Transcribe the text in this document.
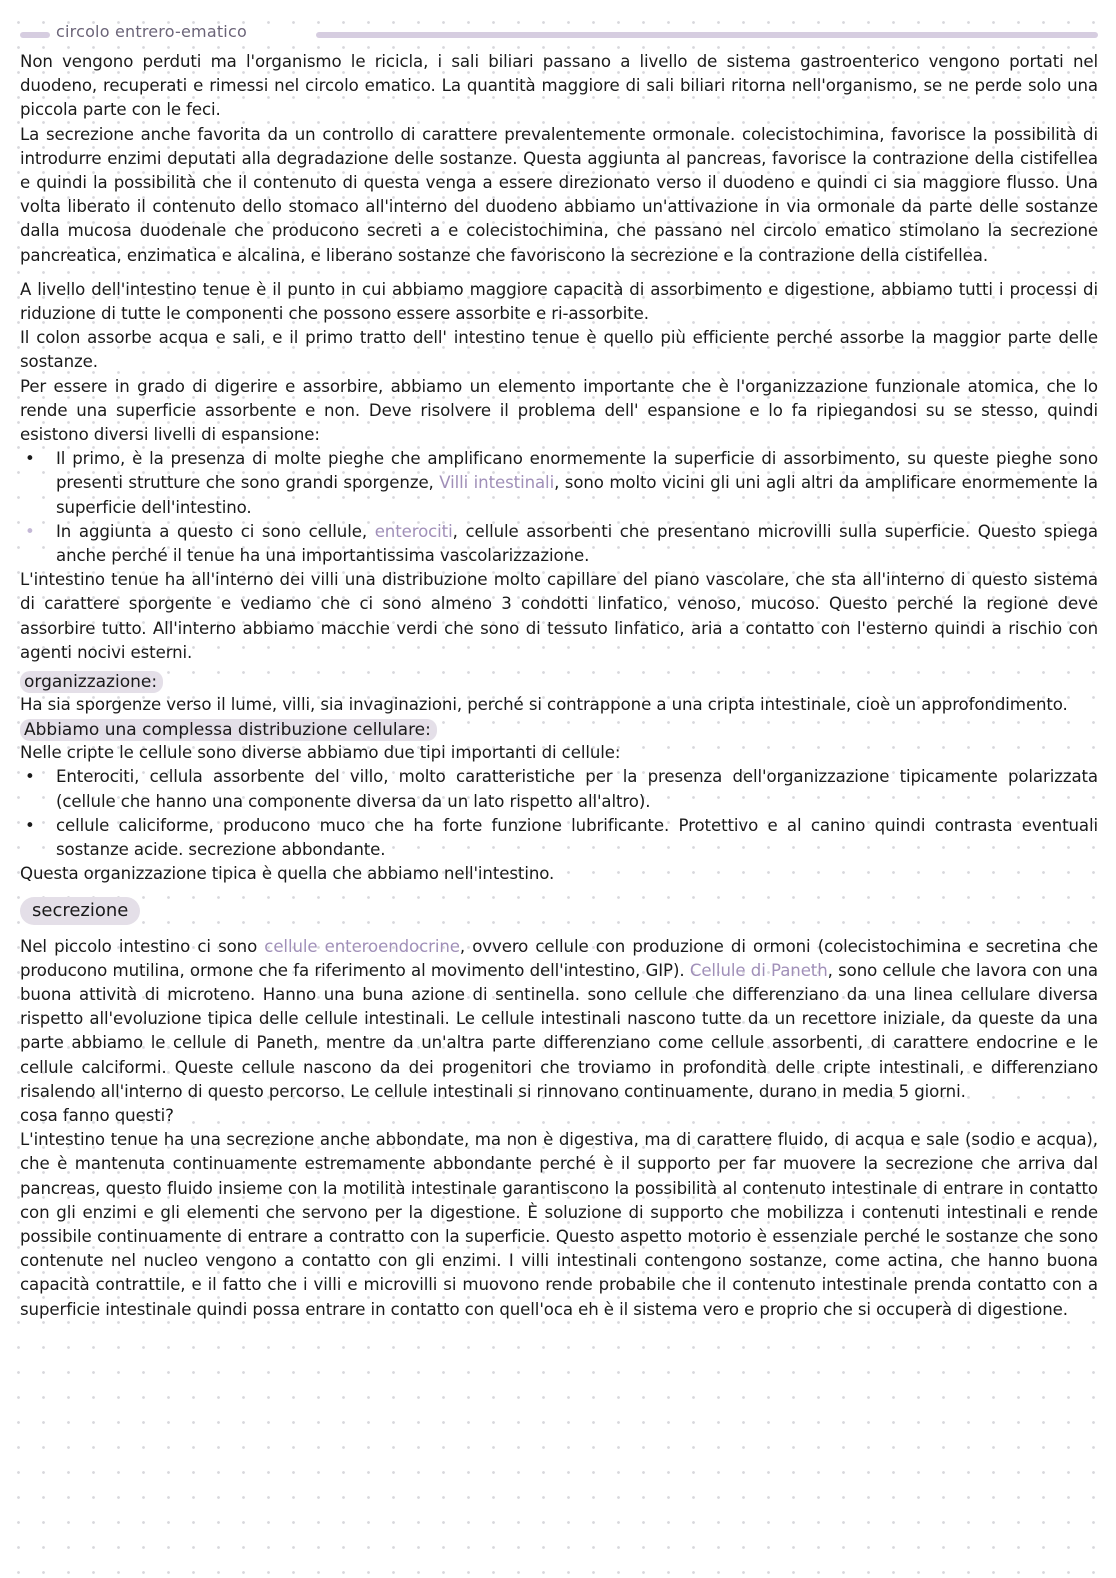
circolo entrero-ematico

Non vengono perduti ma l'organismo le ricicla, i sali biliari passano a livello de sistema gastroenterico vengono portati nel duodeno, recuperati e rimessi nel circolo ematico. La quantità maggiore di sali biliari ritorna nell'organismo, se ne perde solo una piccola parte con le feci.

La secrezione anche favorita da un controllo di carattere prevalentemente ormonale. colecistochimina, favorisce la possibilità di introdurre enzimi deputati alla degradazione delle sostanze. Questa aggiunta al pancreas, favorisce la contrazione della cistifellea e quindi la possibilità che il contenuto di questa venga a essere direzionato verso il duodeno e quindi ci sia maggiore flusso. Una volta liberato il contenuto dello stomaco all'interno del duodeno abbiamo un'attivazione in via ormonale da parte delle sostanze dalla mucosa duodenale che producono secreti a e colecistochimina, che passano nel circolo ematico stimolano la secrezione pancreatica, enzimatica e alcalina, e liberano sostanze che favoriscono la secrezione e la contrazione della cistifellea.

A livello dell'intestino tenue è il punto in cui abbiamo maggiore capacità di assorbimento e digestione, abbiamo tutti i processi di riduzione di tutte le componenti che possono essere assorbite e ri-assorbite.

Il colon assorbe acqua e sali, e il primo tratto dell' intestino tenue è quello più efficiente perché assorbe la maggior parte delle sostanze.

Per essere in grado di digerire e assorbire, abbiamo un elemento importante che è l'organizzazione funzionale atomica, che lo rende una superficie assorbente e non. Deve risolvere il problema dell' espansione e lo fa ripiegandosi su se stesso, quindi esistono diversi livelli di espansione:

• Il primo, è la presenza di molte pieghe che amplificano enormemente la superficie di assorbimento, su queste pieghe sono presenti strutture che sono grandi sporgenze, Villi intestinali, sono molto vicini gli uni agli altri da amplificare enormemente la superficie dell'intestino.
• In aggiunta a questo ci sono cellule, enterociti, cellule assorbenti che presentano microvilli sulla superficie. Questo spiega anche perché il tenue ha una importantissima vascolarizzazione.

L'intestino tenue ha all'interno dei villi una distribuzione molto capillare del piano vascolare, che sta all'interno di questo sistema di carattere sporgente e vediamo che ci sono almeno 3 condotti linfatico, venoso, mucoso. Questo perché la regione deve assorbire tutto. All'interno abbiamo macchie verdi che sono di tessuto linfatico, aria a contatto con l'esterno quindi a rischio con agenti nocivi esterni.

organizzazione:

Ha sia sporgenze verso il lume, villi, sia invaginazioni, perché si contrappone a una cripta intestinale, cioè un approfondimento.

Abbiamo una complessa distribuzione cellulare:

Nelle cripte le cellule sono diverse abbiamo due tipi importanti di cellule:

• Enterociti, cellula assorbente del villo, molto caratteristiche per la presenza dell'organizzazione tipicamente polarizzata (cellule che hanno una componente diversa da un lato rispetto all'altro).
• cellule caliciforme, producono muco che ha forte funzione lubrificante. Protettivo e al canino quindi contrasta eventuali sostanze acide. secrezione abbondante.

Questa organizzazione tipica è quella che abbiamo nell'intestino.

secrezione

Nel piccolo intestino ci sono cellule enteroendocrine, ovvero cellule con produzione di ormoni (colecistochimina e secretina che producono mutilina, ormone che fa riferimento al movimento dell'intestino, GIP). Cellule di Paneth, sono cellule che lavora con una buona attività di microteno. Hanno una buna azione di sentinella. sono cellule che differenziano da una linea cellulare diversa rispetto all'evoluzione tipica delle cellule intestinali. Le cellule intestinali nascono tutte da un recettore iniziale, da queste da una parte abbiamo le cellule di Paneth, mentre da un'altra parte differenziano come cellule assorbenti, di carattere endocrine e le cellule calciformi. Queste cellule nascono da dei progenitori che troviamo in profondità delle cripte intestinali, e differenziano risalendo all'interno di questo percorso. Le cellule intestinali si rinnovano continuamente, durano in media 5 giorni.

cosa fanno questi?

L'intestino tenue ha una secrezione anche abbondate, ma non è digestiva, ma di carattere fluido, di acqua e sale (sodio e acqua), che è mantenuta continuamente estremamente abbondante perché è il supporto per far muovere la secrezione che arriva dal pancreas, questo fluido insieme con la motilità intestinale garantiscono la possibilità al contenuto intestinale di entrare in contatto con gli enzimi e gli elementi che servono per la digestione. È soluzione di supporto che mobilizza i contenuti intestinali e rende possibile continuamente di entrare a contratto con la superficie. Questo aspetto motorio è essenziale perché le sostanze che sono contenute nel nucleo vengono a contatto con gli enzimi. I villi intestinali contengono sostanze, come actina, che hanno buona capacità contrattile, e il fatto che i villi e microvilli si muovono rende probabile che il contenuto intestinale prenda contatto con a superficie intestinale quindi possa entrare in contatto con quell'oca eh è il sistema vero e proprio che si occuperà di digestione.
